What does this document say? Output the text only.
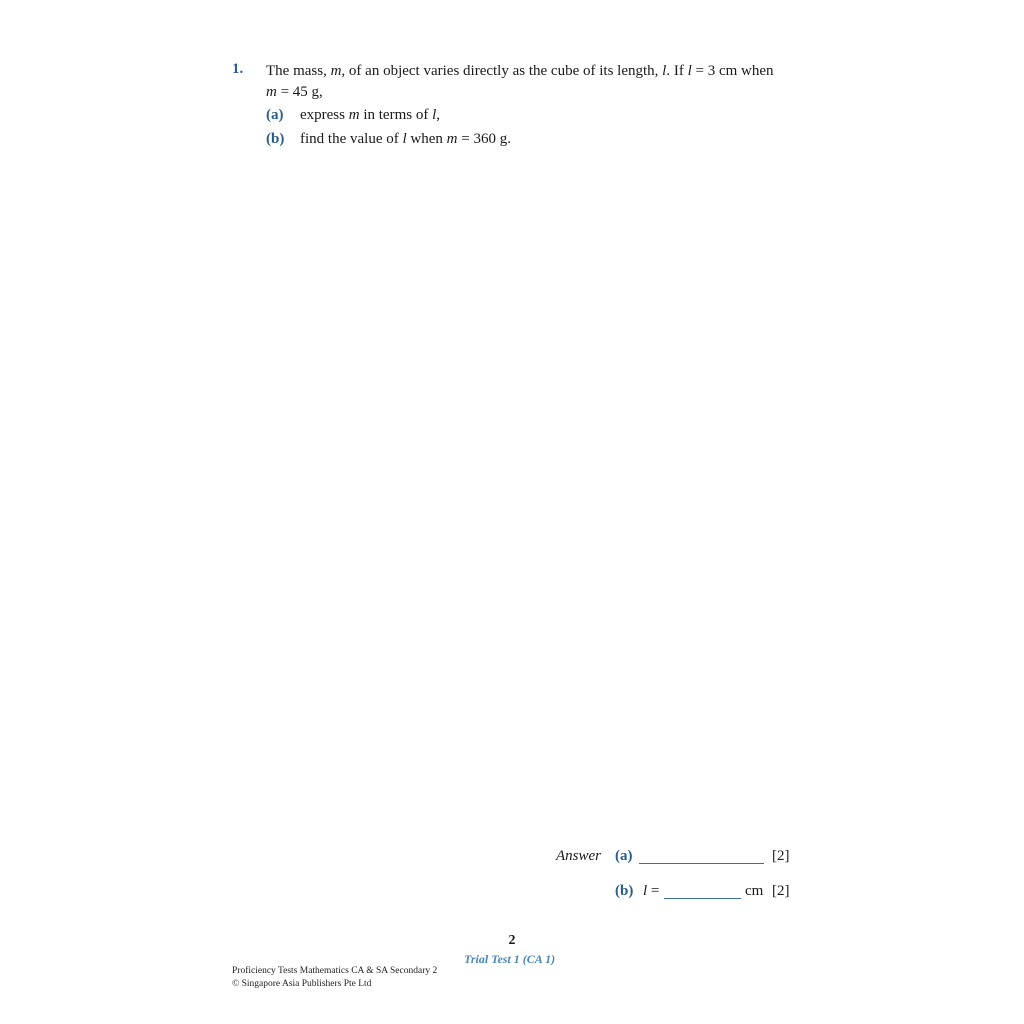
1. The mass, m, of an object varies directly as the cube of its length, l. If l = 3 cm when
m = 45 g,
(a) express m in terms of l,
(b) find the value of l when m = 360 g.
Answer (a)	[2]
(b) l =	cm [2]
2
Trial Test 1 (CA 1)
Proficiency Tests Mathematics CA & SA Secondary 2
© Singapore Asia Publishers Pte Ltd
